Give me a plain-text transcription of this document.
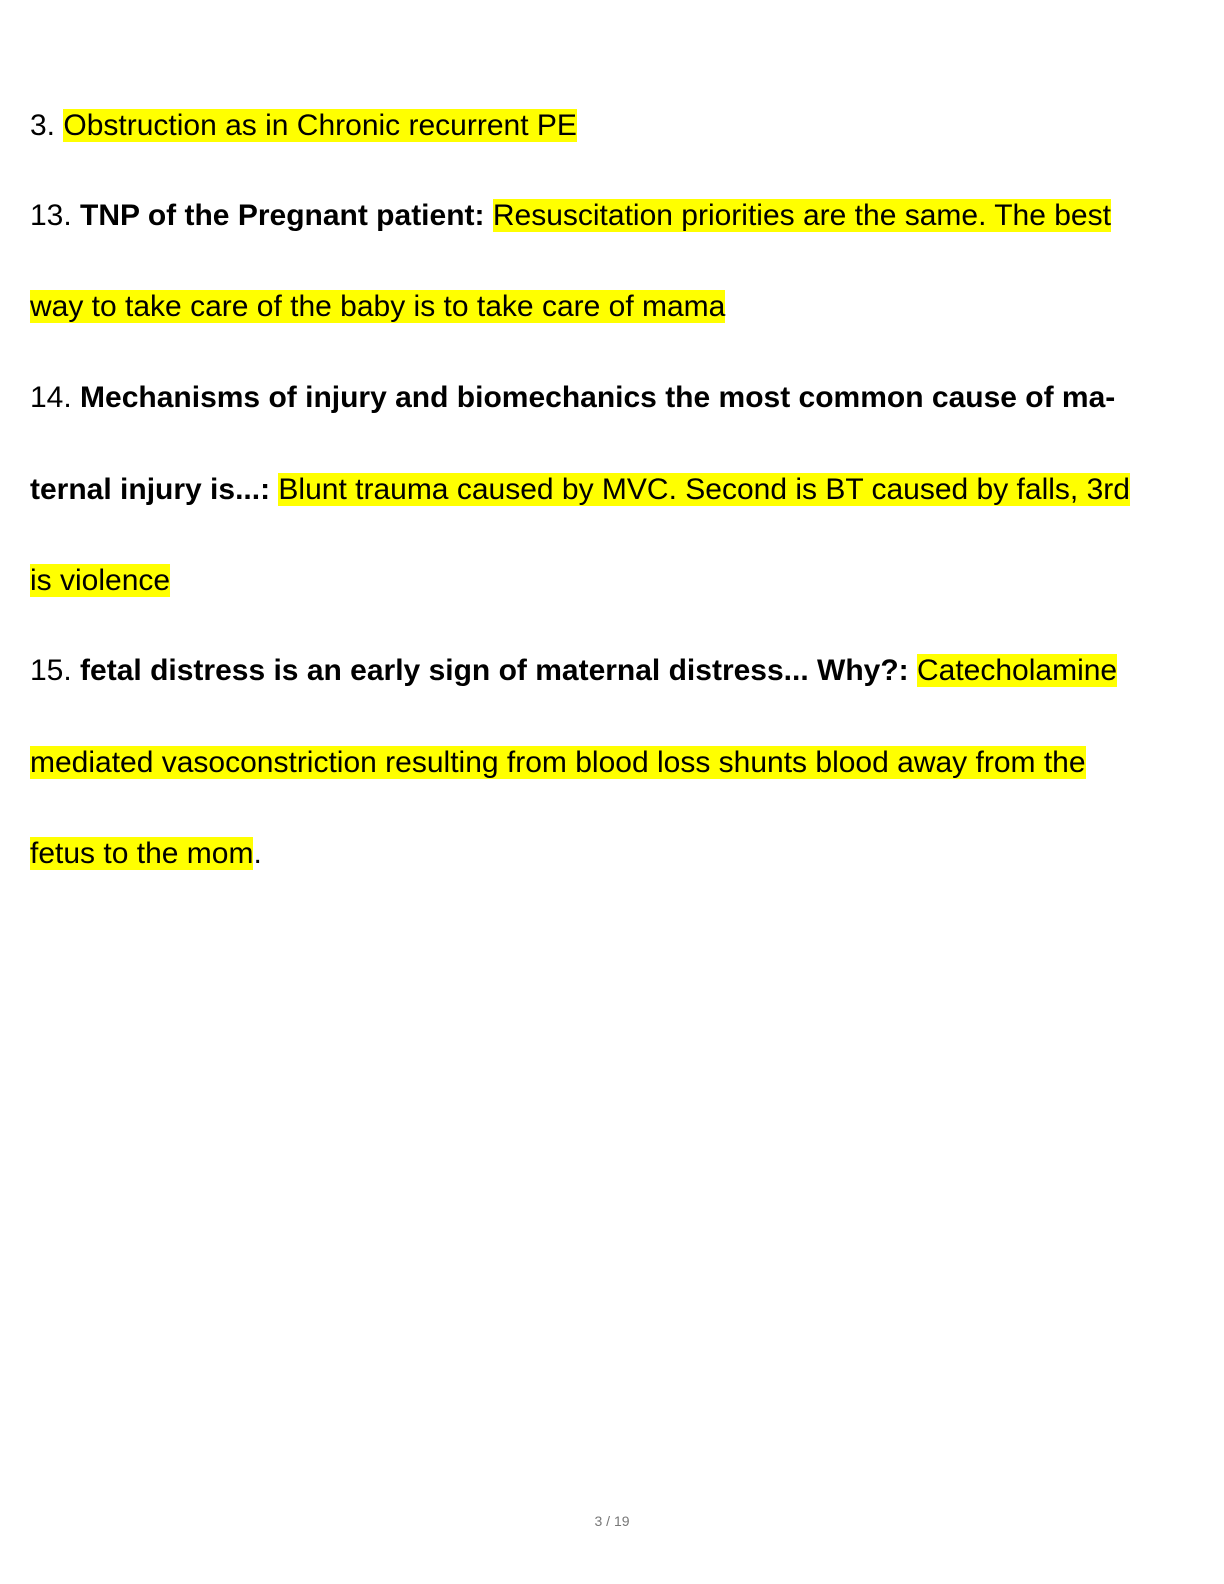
3. Obstruction as in Chronic recurrent PE
13. TNP of the Pregnant patient: Resuscitation priorities are the same. The best
way to take care of the baby is to take care of mama
14. Mechanisms of injury and biomechanics the most common cause of ma-
ternal injury is...: Blunt trauma caused by MVC. Second is BT caused by falls, 3rd
is violence
15. fetal distress is an early sign of maternal distress... Why?: Catecholamine
mediated vasoconstriction resulting from blood loss shunts blood away from the
fetus to the mom.
3 / 19
